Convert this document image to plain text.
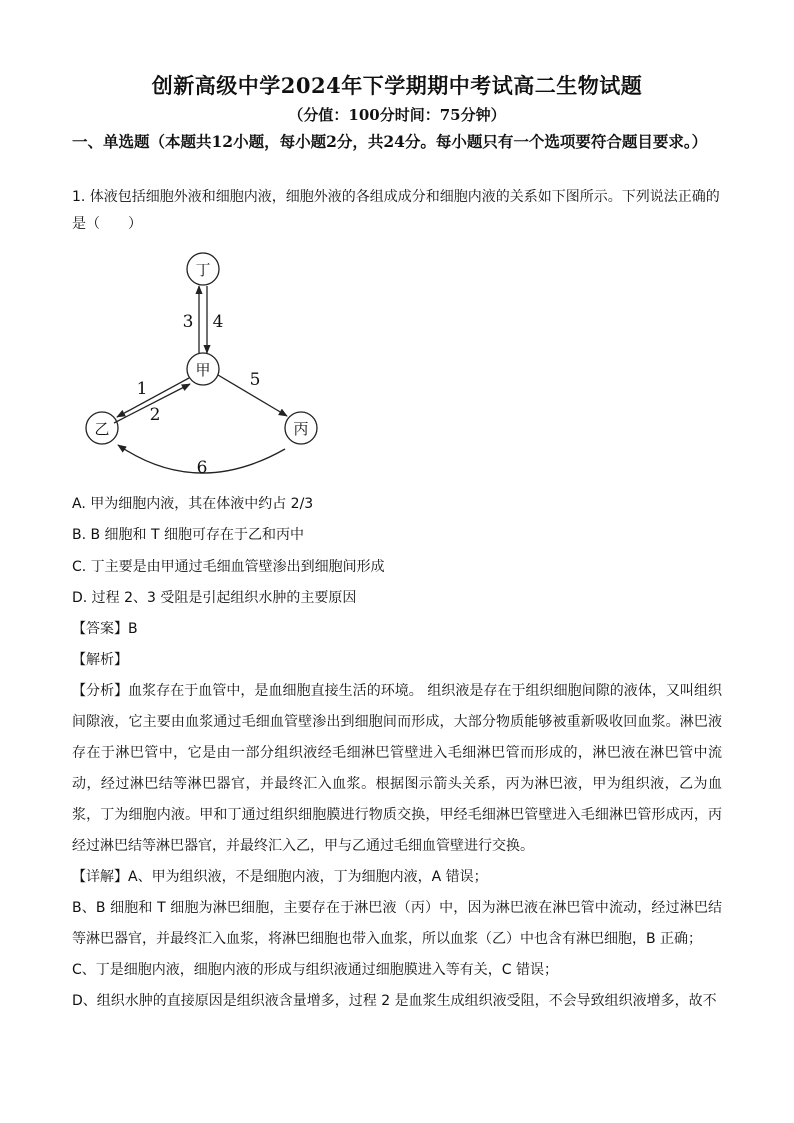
创新高级中学2024年下学期期中考试高二生物试题
（分值：100分时间：75分钟）
一、单选题（本题共12小题，每小题2分，共24分。每小题只有一个选项要符合题目要求。）
1. 体液包括细胞外液和细胞内液，细胞外液的各组成成分和细胞内液的关系如下图所示。下列说法正确的是（　　）
丁
甲
乙	丙
3 4
1
2
5
6
A. 甲为细胞内液，其在体液中约占 2/3
B. B 细胞和 T 细胞可存在于乙和丙中
C. 丁主要是由甲通过毛细血管壁渗出到细胞间形成
D. 过程 2、3 受阻是引起组织水肿的主要原因
【答案】B
【解析】
【分析】血浆存在于血管中，是血细胞直接生活的环境。 组织液是存在于组织细胞间隙的液体，又叫组织间隙液，它主要由血浆通过毛细血管壁渗出到细胞间而形成，大部分物质能够被重新吸收回血浆。淋巴液存在于淋巴管中，它是由一部分组织液经毛细淋巴管壁进入毛细淋巴管而形成的，淋巴液在淋巴管中流动，经过淋巴结等淋巴器官，并最终汇入血浆。根据图示箭头关系，丙为淋巴液，甲为组织液，乙为血浆，丁为细胞内液。甲和丁通过组织细胞膜进行物质交换，甲经毛细淋巴管壁进入毛细淋巴管形成丙，丙经过淋巴结等淋巴器官，并最终汇入乙，甲与乙通过毛细血管壁进行交换。
【详解】A、甲为组织液，不是细胞内液，丁为细胞内液，A 错误；
B、B 细胞和 T 细胞为淋巴细胞，主要存在于淋巴液（丙）中，因为淋巴液在淋巴管中流动，经过淋巴结等淋巴器官，并最终汇入血浆，将淋巴细胞也带入血浆，所以血浆（乙）中也含有淋巴细胞，B 正确；
C、丁是细胞内液，细胞内液的形成与组织液通过细胞膜进入等有关，C 错误；
D、组织水肿的直接原因是组织液含量增多，过程 2 是血浆生成组织液受阻，不会导致组织液增多，故不
